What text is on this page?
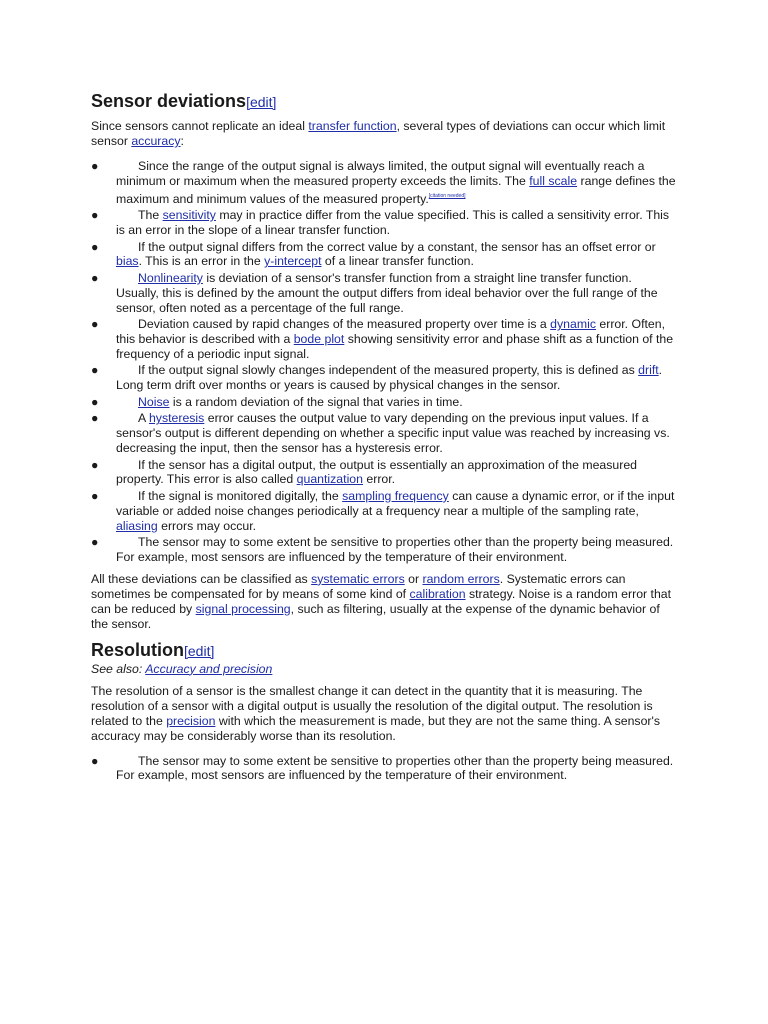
Sensor deviations[edit]

Since sensors cannot replicate an ideal transfer function, several types of deviations can occur which limit sensor accuracy:

●	Since the range of the output signal is always limited, the output signal will eventually reach a minimum or maximum when the measured property exceeds the limits. The full scale range defines the maximum and minimum values of the measured property.[citation needed]
●	The sensitivity may in practice differ from the value specified. This is called a sensitivity error. This is an error in the slope of a linear transfer function.
●	If the output signal differs from the correct value by a constant, the sensor has an offset error or bias. This is an error in the y-intercept of a linear transfer function.
●	Nonlinearity is deviation of a sensor's transfer function from a straight line transfer function. Usually, this is defined by the amount the output differs from ideal behavior over the full range of the sensor, often noted as a percentage of the full range.
●	Deviation caused by rapid changes of the measured property over time is a dynamic error. Often, this behavior is described with a bode plot showing sensitivity error and phase shift as a function of the frequency of a periodic input signal.
●	If the output signal slowly changes independent of the measured property, this is defined as drift. Long term drift over months or years is caused by physical changes in the sensor.
●	Noise is a random deviation of the signal that varies in time.
●	A hysteresis error causes the output value to vary depending on the previous input values. If a sensor's output is different depending on whether a specific input value was reached by increasing vs. decreasing the input, then the sensor has a hysteresis error.
●	If the sensor has a digital output, the output is essentially an approximation of the measured property. This error is also called quantization error.
●	If the signal is monitored digitally, the sampling frequency can cause a dynamic error, or if the input variable or added noise changes periodically at a frequency near a multiple of the sampling rate, aliasing errors may occur.
●	The sensor may to some extent be sensitive to properties other than the property being measured. For example, most sensors are influenced by the temperature of their environment.

All these deviations can be classified as systematic errors or random errors. Systematic errors can sometimes be compensated for by means of some kind of calibration strategy. Noise is a random error that can be reduced by signal processing, such as filtering, usually at the expense of the dynamic behavior of the sensor.

Resolution[edit]

See also: Accuracy and precision

The resolution of a sensor is the smallest change it can detect in the quantity that it is measuring. The resolution of a sensor with a digital output is usually the resolution of the digital output. The resolution is related to the precision with which the measurement is made, but they are not the same thing. A sensor's accuracy may be considerably worse than its resolution.

●	The sensor may to some extent be sensitive to properties other than the property being measured. For example, most sensors are influenced by the temperature of their environment.
